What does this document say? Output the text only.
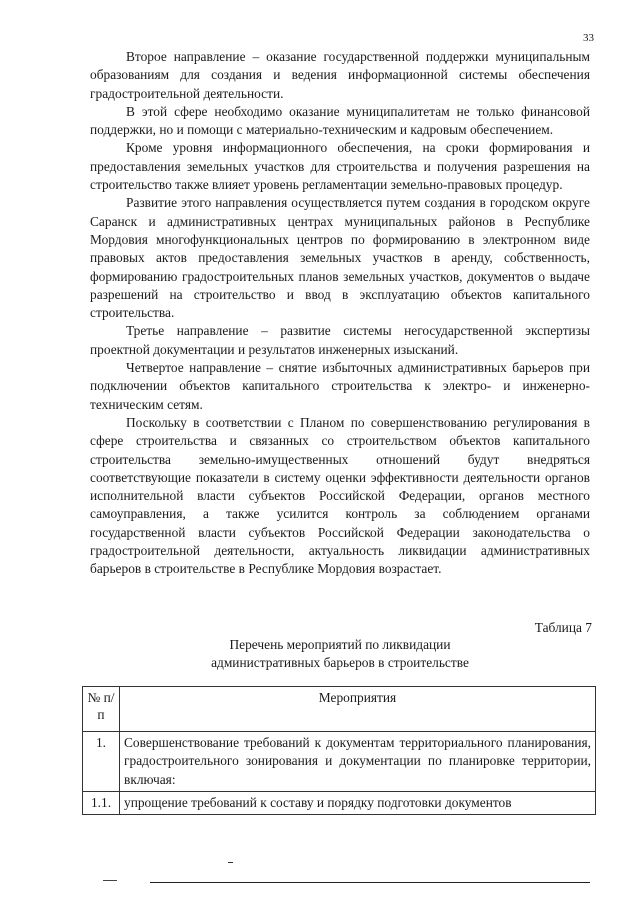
33

Второе направление – оказание государственной поддержки муниципальным образованиям для создания и ведения информационной системы обеспечения градостроительной деятельности.

В этой сфере необходимо оказание муниципалитетам не только финансовой поддержки, но и помощи с материально-техническим и кадровым обеспечением.

Кроме уровня информационного обеспечения, на сроки формирования и предоставления земельных участков для строительства и получения разрешения на строительство также влияет уровень регламентации земельно-правовых процедур.

Развитие этого направления осуществляется путем создания в городском округе Саранск и административных центрах муниципальных районов в Республике Мордовия многофункциональных центров по формированию в электронном виде правовых актов предоставления земельных участков в аренду, собственность, формированию градостроительных планов земельных участков, документов о выдаче разрешений на строительство и ввод в эксплуатацию объектов капитального строительства.

Третье направление – развитие системы негосударственной экспертизы проектной документации и результатов инженерных изысканий.

Четвертое направление – снятие избыточных административных барьеров при подключении объектов капитального строительства к электро- и инженерно-техническим сетям.

Поскольку в соответствии с Планом по совершенствованию регулирования в сфере строительства и связанных со строительством объектов капитального строительства земельно-имущественных отношений будут внедряться соответствующие показатели в систему оценки эффективности деятельности органов исполнительной власти субъектов Российской Федерации, органов местного самоуправления, а также усилится контроль за соблюдением органами государственной власти субъектов Российской Федерации законодательства о градостроительной деятельности, актуальность ликвидации административных барьеров в строительстве в Республике Мордовия возрастает.

Таблица 7
Перечень мероприятий по ликвидации
административных барьеров в строительстве
№ п/п	Мероприятия
1.	Совершенствование требований к документам территориального планирования, градостроительного зонирования и документации по планировке территории, включая:
1.1.	упрощение требований к составу и порядку подготовки документов
